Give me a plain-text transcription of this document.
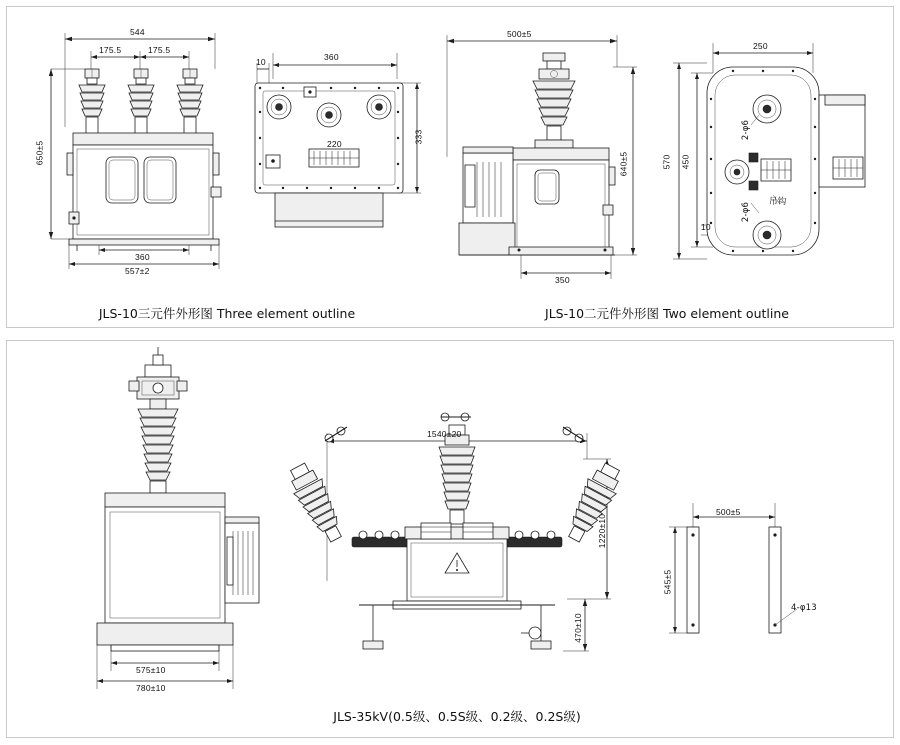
544
175.5	175.5
650±5
360
557±2
10	360
220	333
500±5
640±5
350
250
450
570
2-φ6
2-φ6
10
吊钩
JLS-10三元件外形图 Three element outline	JLS-10二元件外形图 Two element outline
575±10
780±10
1540±20
1220±10
470±10
500±5
545±5
4-φ13
JLS-35kV(0.5级、0.5S级、0.2级、0.2S级)
